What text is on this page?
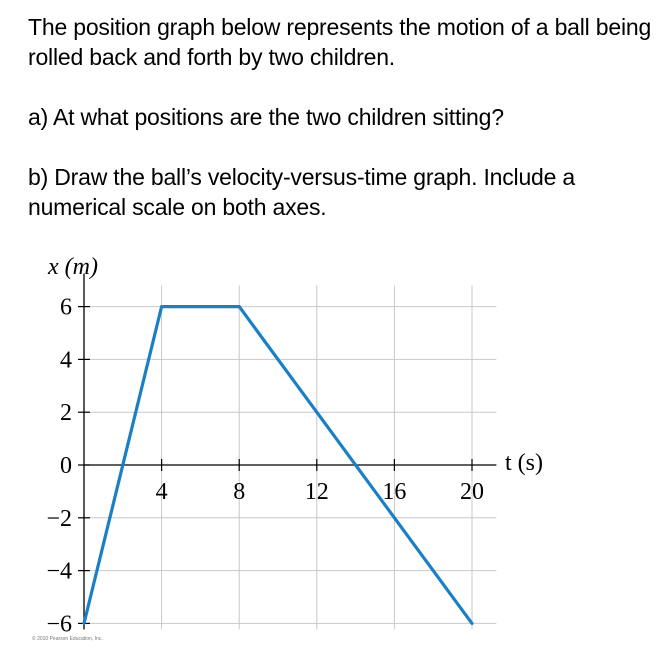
The position graph below represents the motion of a ball being rolled back and forth by two children.
a) At what positions are the two children sitting?
b) Draw the ball’s velocity-versus-time graph. Include a numerical scale on both axes.
6
4
2
0
−2
−4
−6
4	8 12 16 20
x (m)
t (s)
© 2010 Pearson Education, Inc.
